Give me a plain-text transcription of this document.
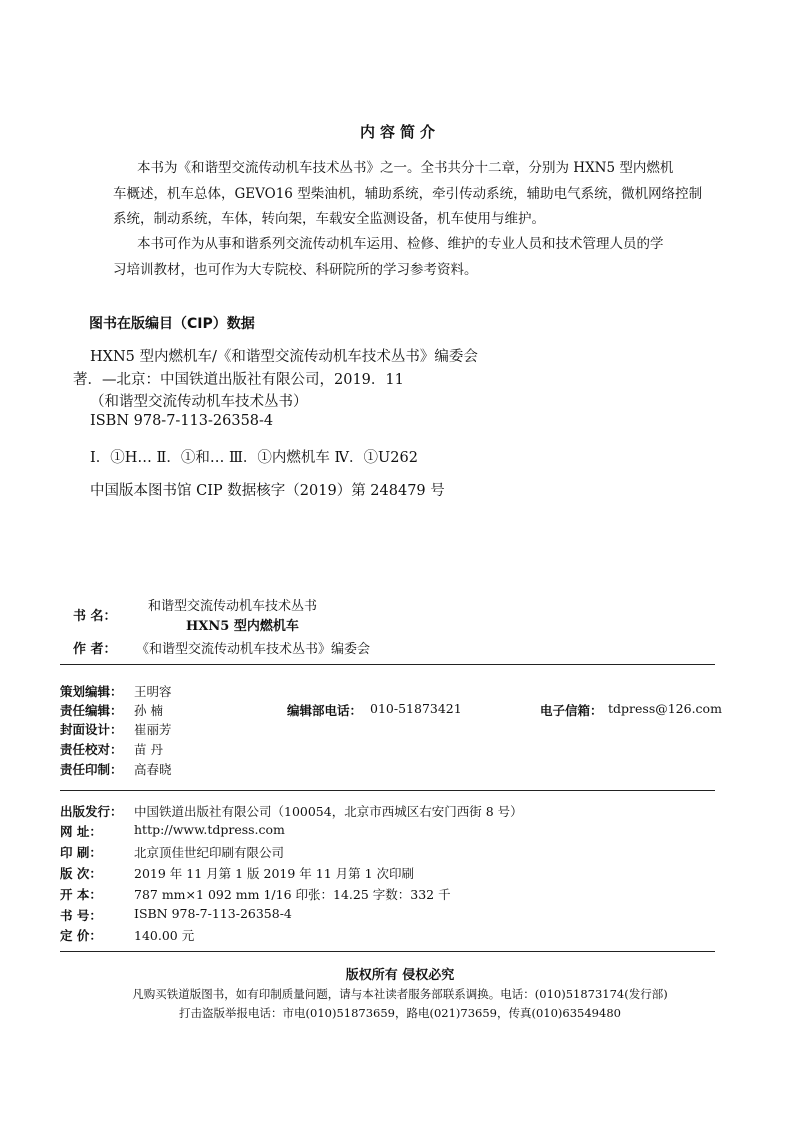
内容简介
本书为《和谐型交流传动机车技术丛书》之一。全书共分十二章，分别为 HXN5 型内燃机
车概述，机车总体，GEVO16 型柴油机，辅助系统，牵引传动系统，辅助电气系统，微机网络控制
系统，制动系统，车体，转向架，车载安全监测设备，机车使用与维护。
本书可作为从事和谐系列交流传动机车运用、检修、维护的专业人员和技术管理人员的学
习培训教材，也可作为大专院校、科研院所的学习参考资料。
图书在版编目（CIP）数据
HXN5 型内燃机车/《和谐型交流传动机车技术丛书》编委会
著．—北京：中国铁道出版社有限公司，2019．11
（和谐型交流传动机车技术丛书）
ISBN 978-7-113-26358-4
Ⅰ．①H… Ⅱ．①和… Ⅲ．①内燃机车 Ⅳ．①U262
中国版本图书馆 CIP 数据核字（2019）第 248479 号
书 名：
和谐型交流传动机车技术丛书
HXN5 型内燃机车
作 者： 《和谐型交流传动机车技术丛书》编委会
策划编辑： 王明容
责任编辑： 孙 楠	编辑部电话： 010-51873421	电子信箱： tdpress@126.com
封面设计： 崔丽芳
责任校对： 苗 丹
责任印制： 高春晓
出版发行： 中国铁道出版社有限公司（100054，北京市西城区右安门西街 8 号）
网 址：	http://www.tdpress.com
印 刷：	北京顶佳世纪印刷有限公司
版 次：	2019 年 11 月第 1 版 2019 年 11 月第 1 次印刷
开 本：	787 mm×1 092 mm 1/16 印张：14.25 字数：332 千
书 号：	ISBN 978-7-113-26358-4
定 价：	140.00 元
版权所有 侵权必究
凡购买铁道版图书，如有印制质量问题，请与本社读者服务部联系调换。电话：(010)51873174(发行部)
打击盗版举报电话：市电(010)51873659，路电(021)73659，传真(010)63549480
